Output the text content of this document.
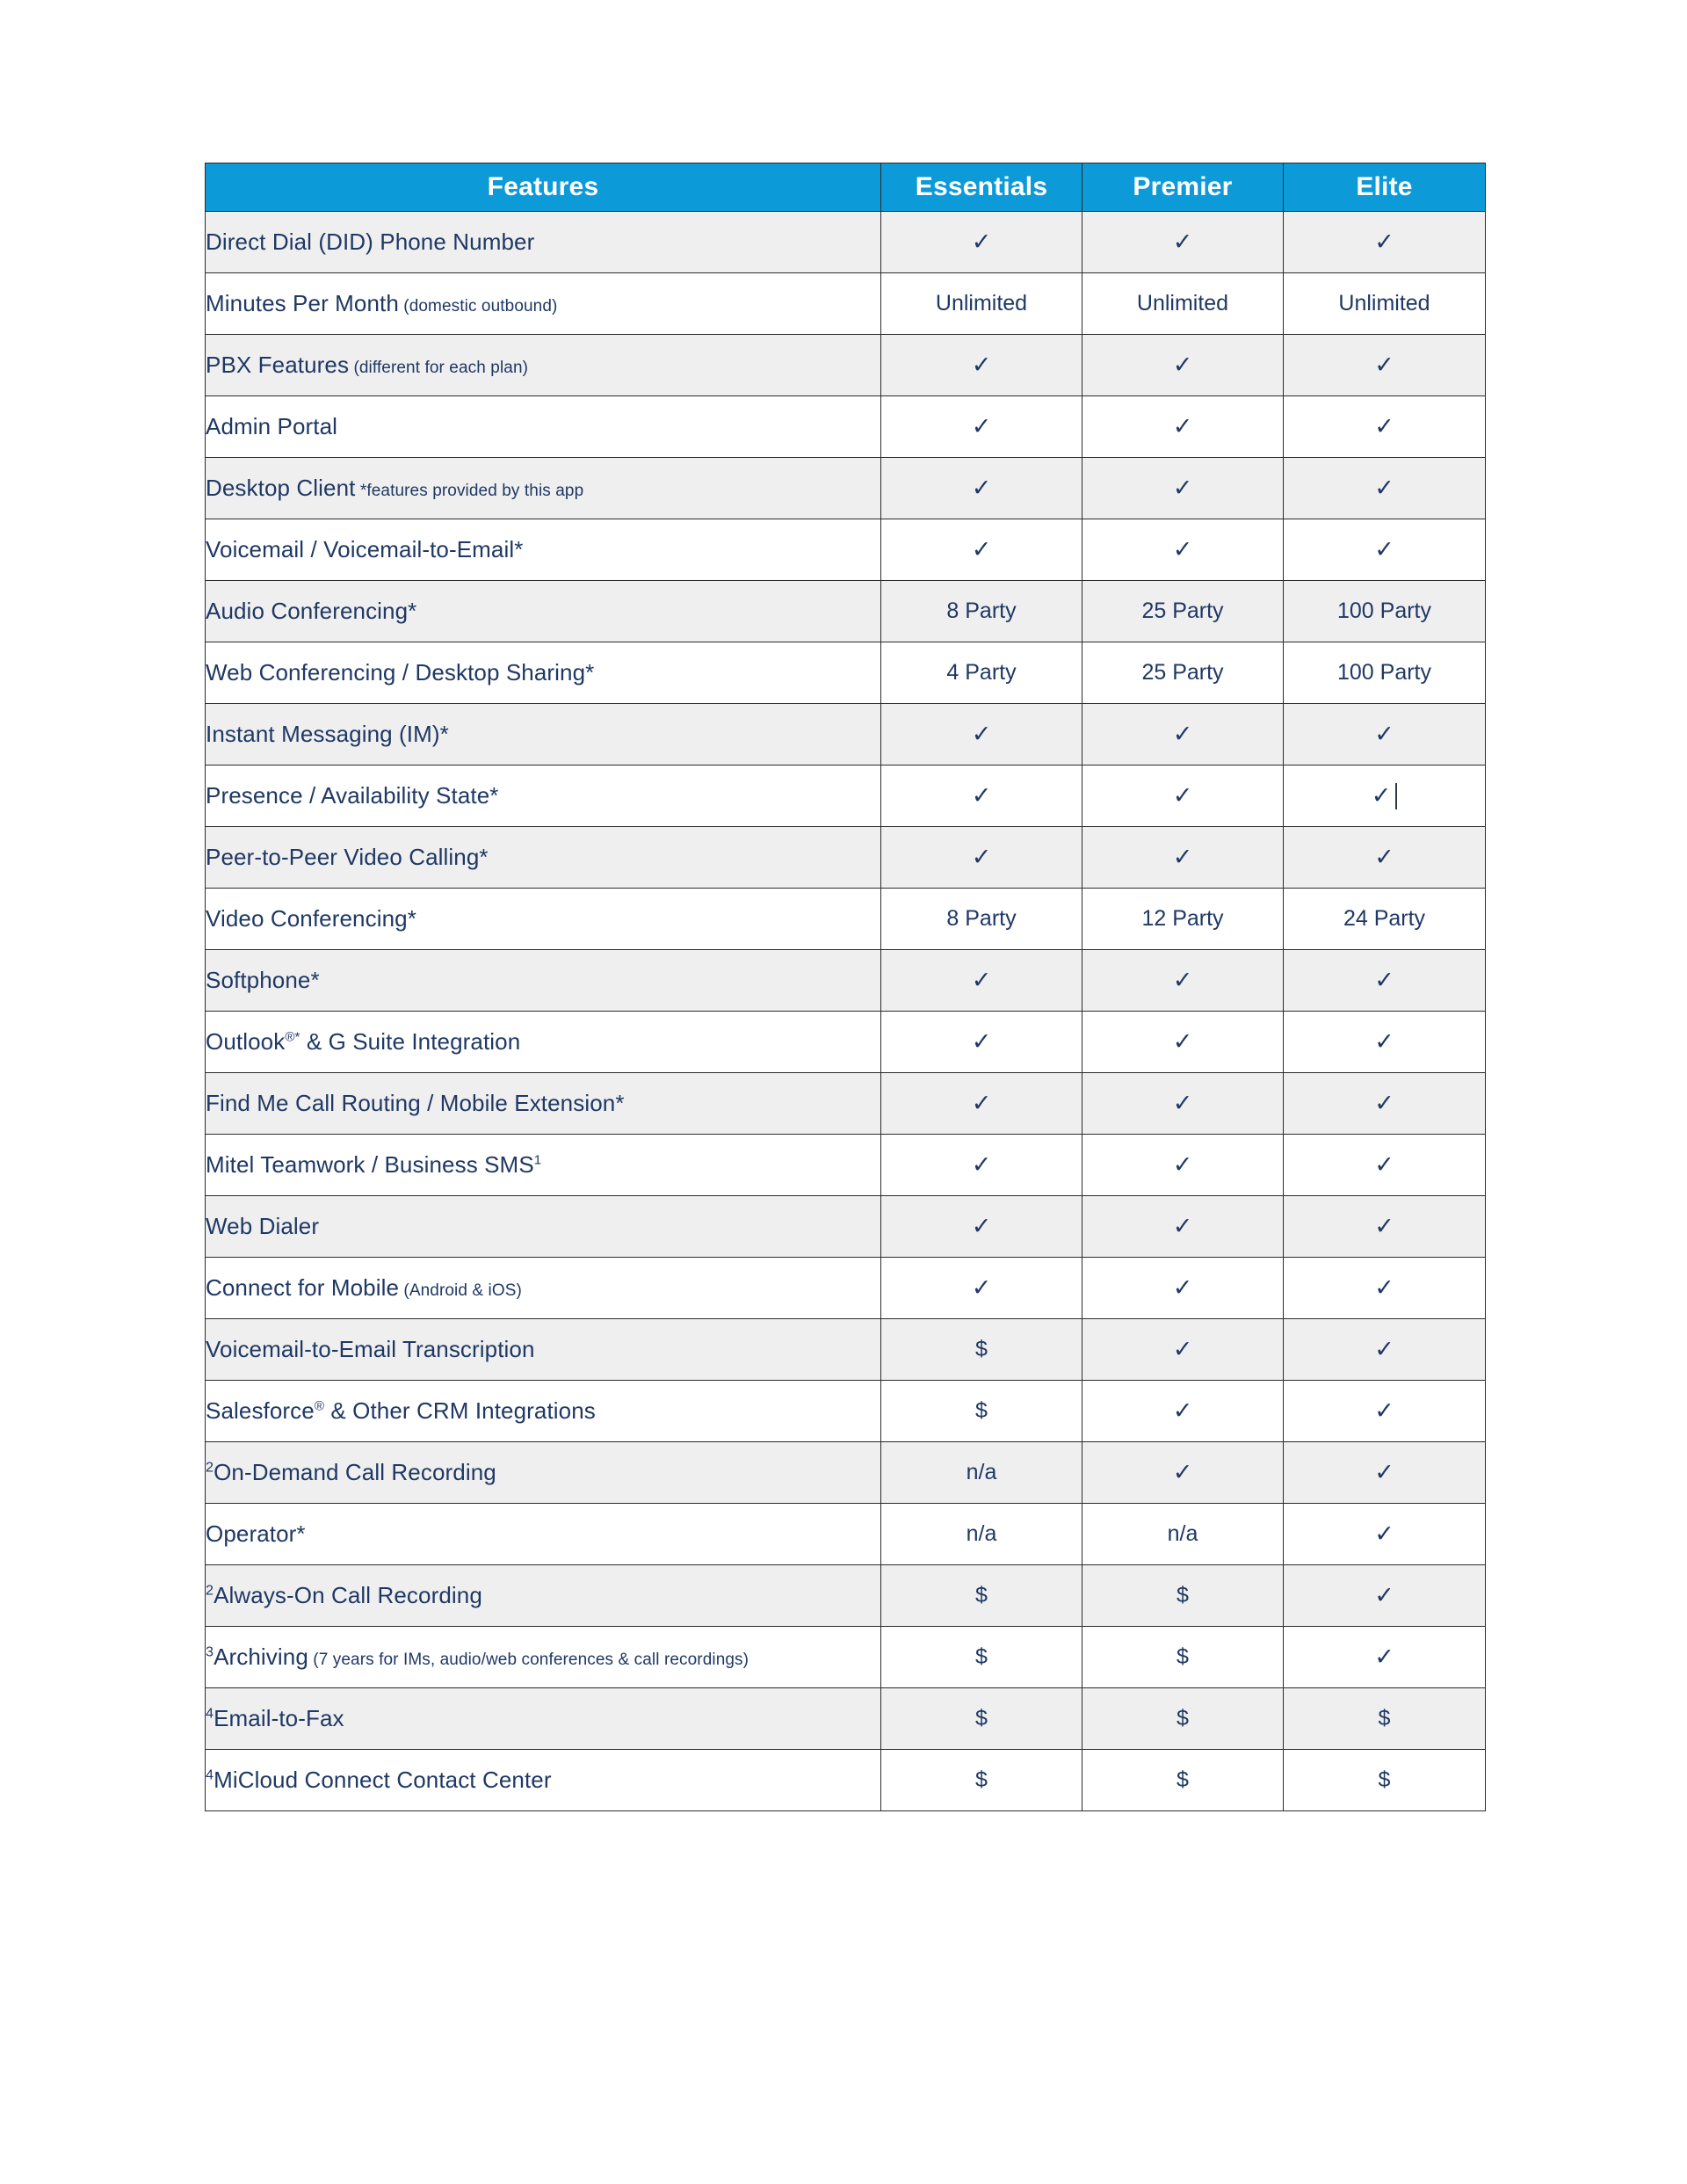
Features	Essentials	Premier	Elite
Direct Dial (DID) Phone Number	✓	✓	✓
Minutes Per Month (domestic outbound)	Unlimited	Unlimited	Unlimited
PBX Features (different for each plan)	✓	✓	✓
Admin Portal	✓	✓	✓
Desktop Client *features provided by this app	✓	✓	✓
Voicemail / Voicemail-to-Email*	✓	✓	✓
Audio Conferencing*	8 Party	25 Party	100 Party
Web Conferencing / Desktop Sharing*	4 Party	25 Party	100 Party
Instant Messaging (IM)*	✓	✓	✓
Presence / Availability State*	✓	✓	✓
Peer-to-Peer Video Calling*	✓	✓	✓
Video Conferencing*	8 Party	12 Party	24 Party
Softphone*	✓	✓	✓
Outlook®* & G Suite Integration	✓	✓	✓
Find Me Call Routing / Mobile Extension*	✓	✓	✓
Mitel Teamwork / Business SMS$^1$	✓	✓	✓
Web Dialer	✓	✓	✓
Connect for Mobile (Android & iOS)	✓	✓	✓
Voicemail-to-Email Transcription	$	✓	✓
Salesforce® & Other CRM Integrations	$	✓	✓
$^2$On-Demand Call Recording	n/a	✓	✓
Operator*	n/a	n/a	✓
$^2$Always-On Call Recording	$	$	✓
$^3$Archiving (7 years for IMs, audio/web conferences & call recordings)	$	$	✓
$^4$Email-to-Fax	$	$	$
$^4$MiCloud Connect Contact Center	$	$	$
